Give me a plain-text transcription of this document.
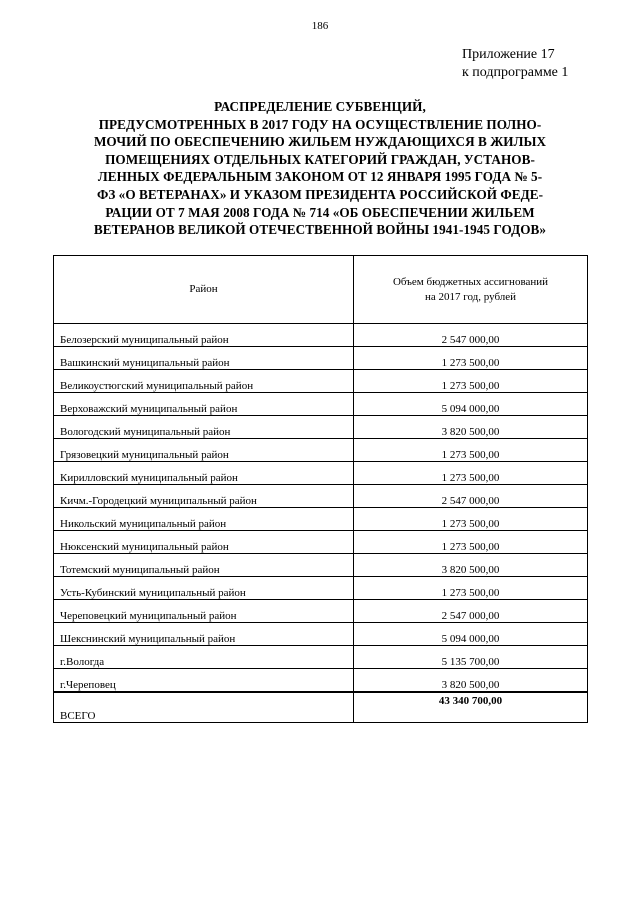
186
Приложение 17
к подпрограмме 1
РАСПРЕДЕЛЕНИЕ СУБВЕНЦИЙ,
ПРЕДУСМОТРЕННЫХ В 2017 ГОДУ НА ОСУЩЕСТВЛЕНИЕ ПОЛНО-
МОЧИЙ ПО ОБЕСПЕЧЕНИЮ ЖИЛЬЕМ НУЖДАЮЩИХСЯ В ЖИЛЫХ
ПОМЕЩЕНИЯХ ОТДЕЛЬНЫХ КАТЕГОРИЙ ГРАЖДАН, УСТАНОВ-
ЛЕННЫХ ФЕДЕРАЛЬНЫМ ЗАКОНОМ ОТ 12 ЯНВАРЯ 1995 ГОДА № 5-
ФЗ «О ВЕТЕРАНАХ» И УКАЗОМ ПРЕЗИДЕНТА РОССИЙСКОЙ ФЕДЕ-
РАЦИИ ОТ 7 МАЯ 2008 ГОДА № 714 «ОБ ОБЕСПЕЧЕНИИ ЖИЛЬЕМ
ВЕТЕРАНОВ ВЕЛИКОЙ ОТЕЧЕСТВЕННОЙ ВОЙНЫ 1941-1945 ГОДОВ»
Район	Объем бюджетных ассигнований
на 2017 год, рублей

Белозерский муниципальный район	2 547 000,00
Вашкинский муниципальный район	1 273 500,00
Великоустюгский муниципальный район	1 273 500,00
Верховажский муниципальный район	5 094 000,00
Вологодский муниципальный район	3 820 500,00
Грязовецкий муниципальный район	1 273 500,00
Кирилловский муниципальный район	1 273 500,00
Кичм.-Городецкий муниципальный район	2 547 000,00
Никольский муниципальный район	1 273 500,00
Нюксенский муниципальный район	1 273 500,00
Тотемский муниципальный район	3 820 500,00
Усть-Кубинский муниципальный район	1 273 500,00
Череповецкий муниципальный район	2 547 000,00
Шекснинский муниципальный район	5 094 000,00
г.Вологда	5 135 700,00
г.Череповец	3 820 500,00
ВСЕГО	43 340 700,00
